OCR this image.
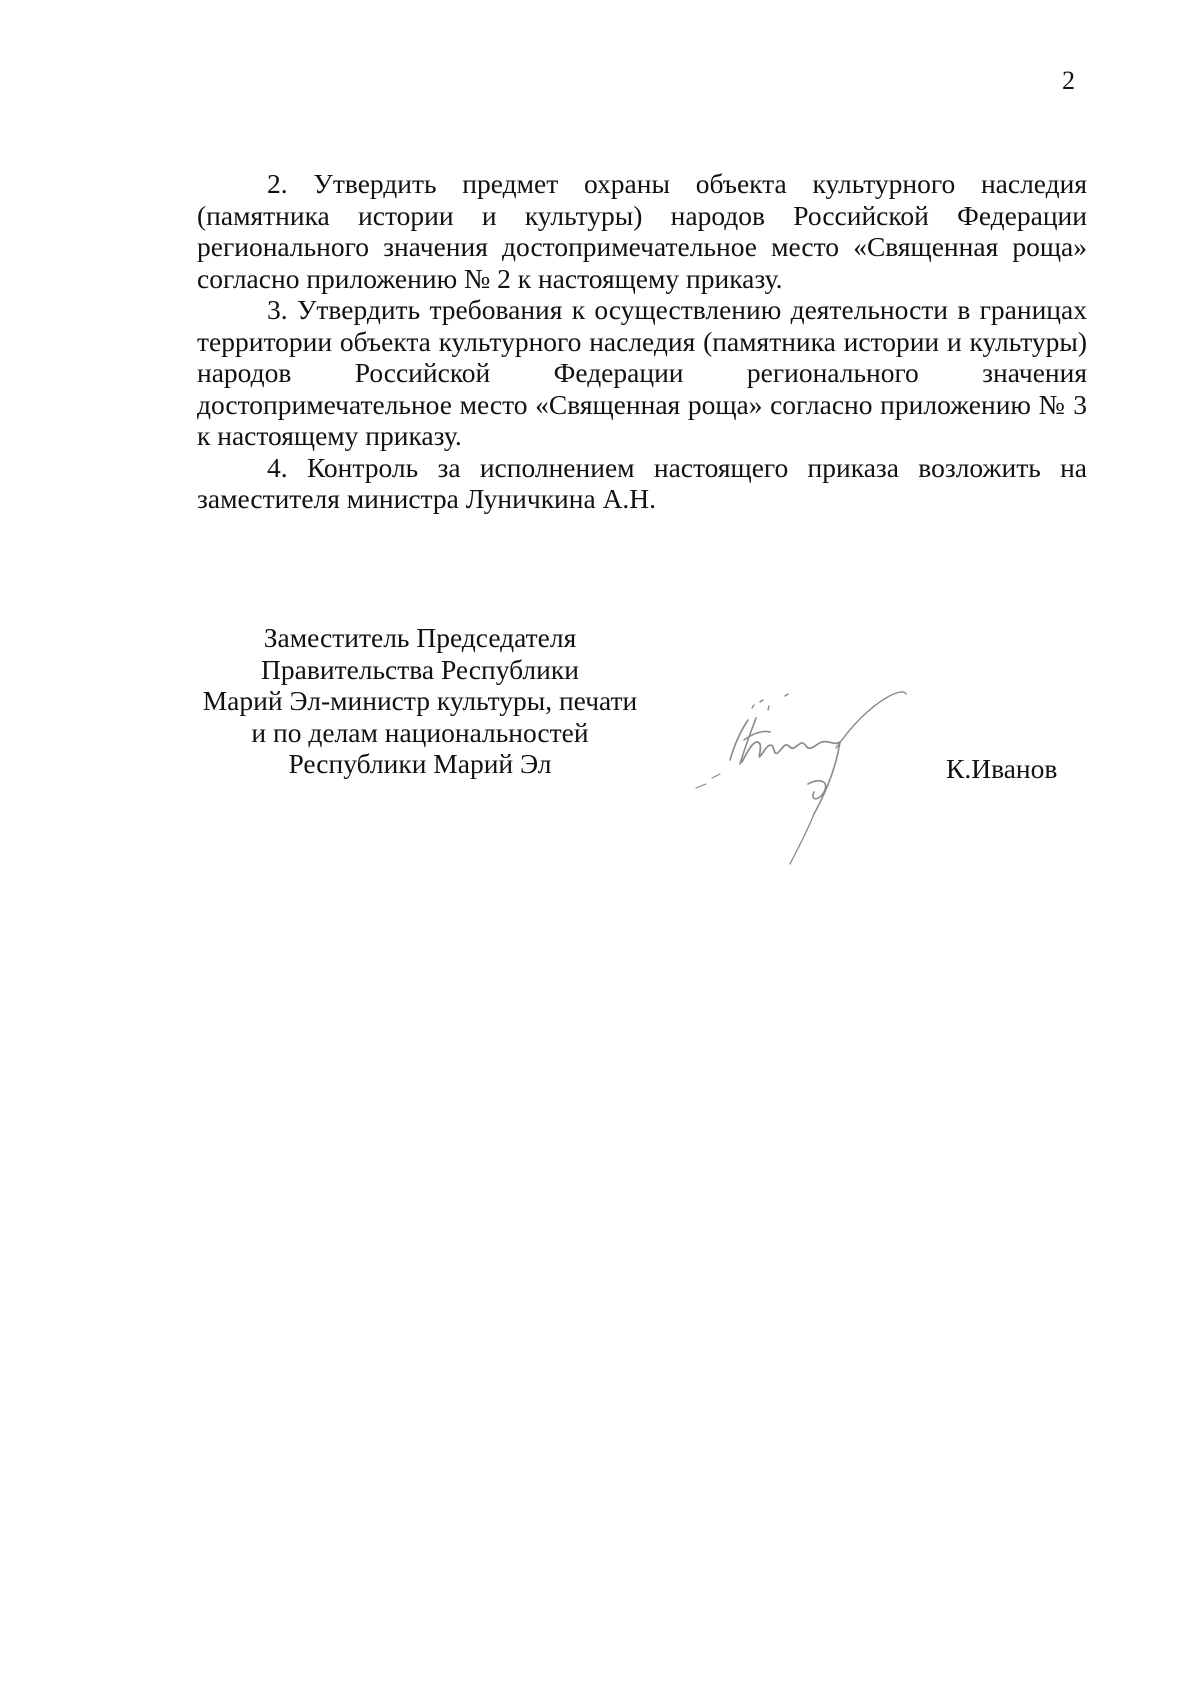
2

2. Утвердить предмет охраны объекта культурного наследия (памятника истории и культуры) народов Российской Федерации регионального значения достопримечательное место «Священная роща» согласно приложению № 2 к настоящему приказу.

3. Утвердить требования к осуществлению деятельности в границах территории объекта культурного наследия (памятника истории и культуры) народов Российской Федерации регионального значения достопримечательное место «Священная роща» согласно приложению № 3 к настоящему приказу.

4. Контроль за исполнением настоящего приказа возложить на заместителя министра Луничкина А.Н.

Заместитель Председателя
Правительства Республики
Марий Эл-министр культуры, печати
и по делам национальностей
Республики Марий Эл	К.Иванов
